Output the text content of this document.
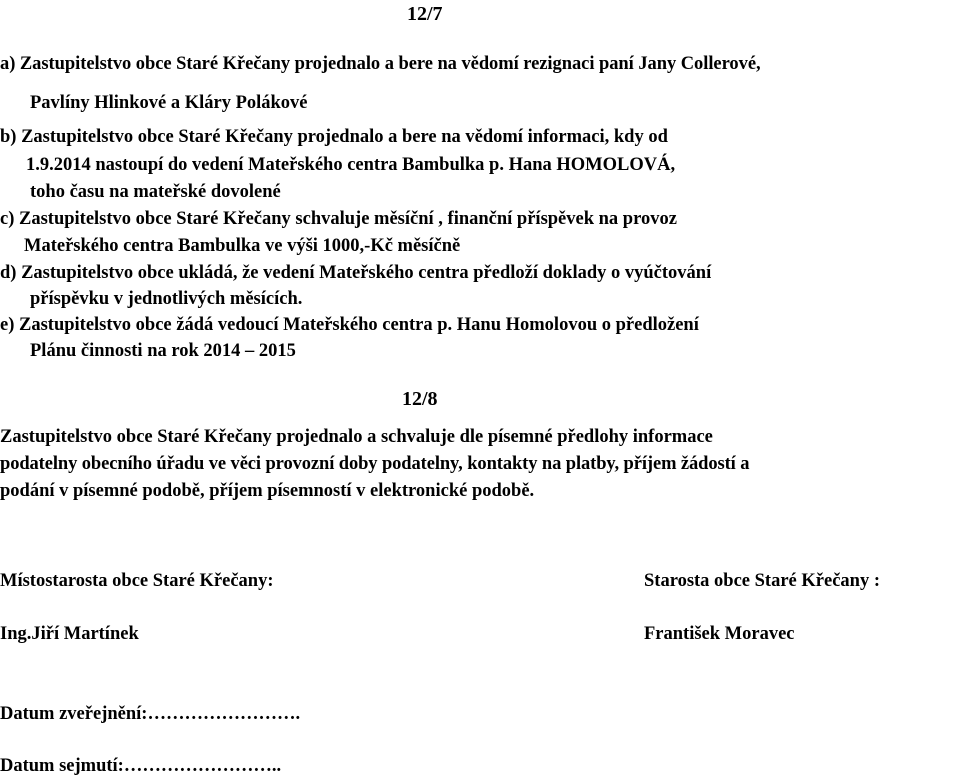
12/7
a) Zastupitelstvo obce Staré Křečany projednalo a bere na vědomí rezignaci paní Jany Collerové,
Pavlíny Hlinkové a Kláry Polákové
b) Zastupitelstvo obce Staré Křečany projednalo a bere na vědomí informaci, kdy od
1.9.2014 nastoupí do vedení Mateřského centra Bambulka p. Hana HOMOLOVÁ,
toho času na mateřské dovolené
c) Zastupitelstvo obce Staré Křečany schvaluje měsíční , finanční příspěvek na provoz
Mateřského centra Bambulka ve výši 1000,-Kč měsíčně
d) Zastupitelstvo obce ukládá, že vedení Mateřského centra předloží doklady o vyúčtování
příspěvku v jednotlivých měsících.
e) Zastupitelstvo obce žádá vedoucí Mateřského centra p. Hanu Homolovou o předložení
Plánu činnosti na rok 2014 – 2015
12/8
Zastupitelstvo obce Staré Křečany projednalo a schvaluje dle písemné předlohy informace
podatelny obecního úřadu ve věci provozní doby podatelny, kontakty na platby, příjem žádostí a
podání v písemné podobě, příjem písemností v elektronické podobě.
Místostarosta obce Staré Křečany:	Starosta obce Staré Křečany :
Ing.Jiří Martínek	František Moravec
Datum zveřejnění:…………………….
Datum sejmutí:……………………..
